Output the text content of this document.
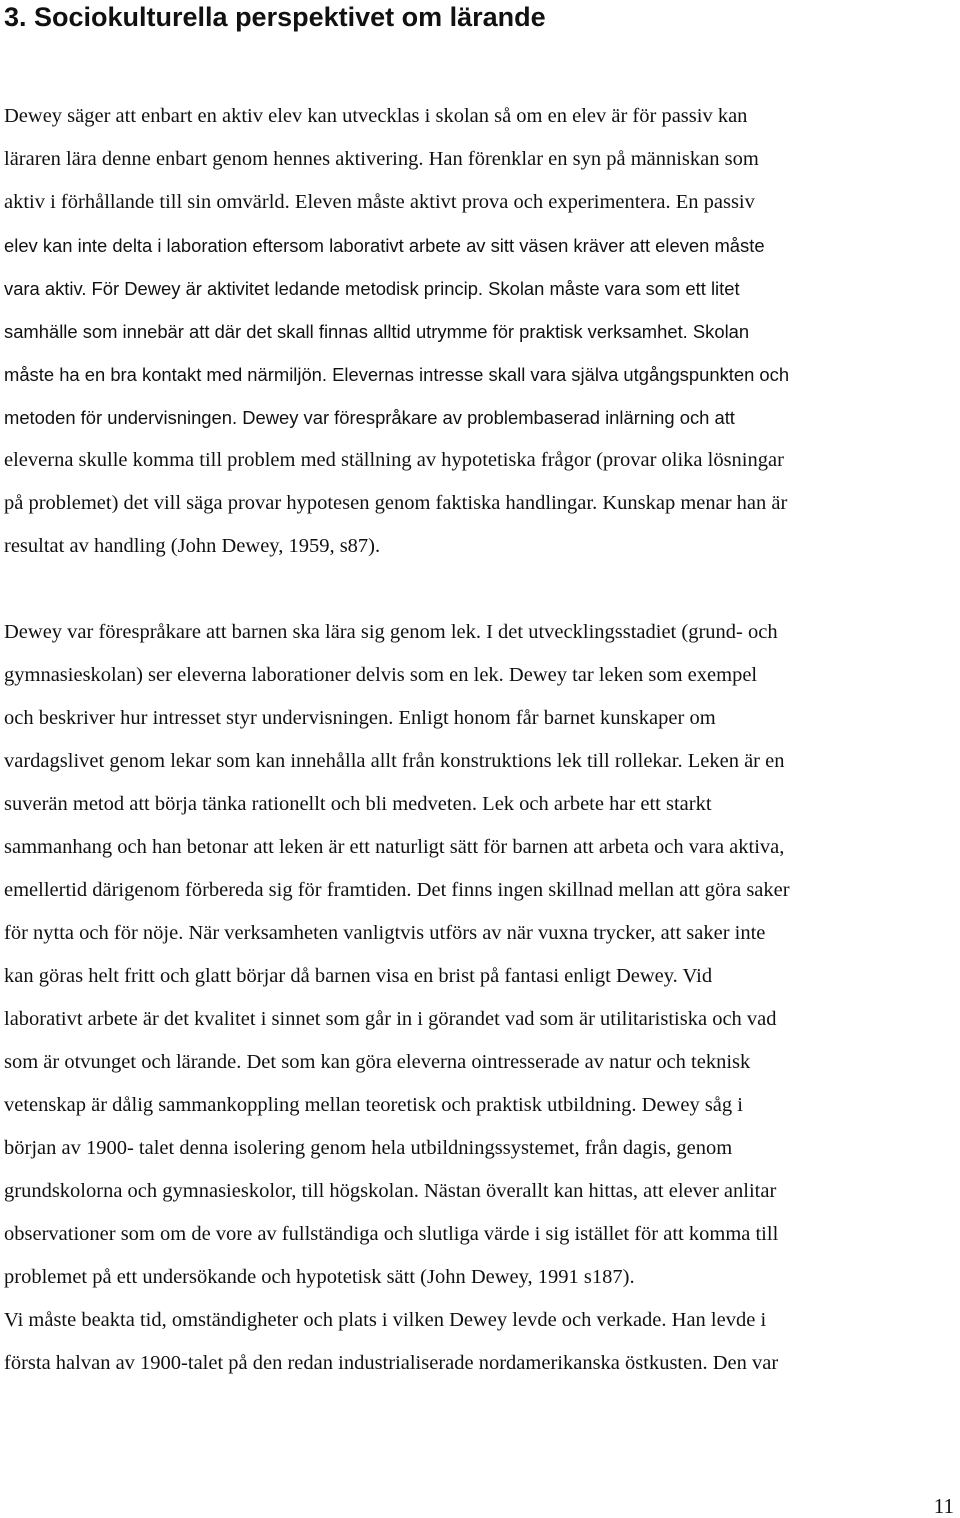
3. Sociokulturella perspektivet om lärande
Dewey säger att enbart en aktiv elev kan utvecklas i skolan så om en elev är för passiv kan
läraren lära denne enbart genom hennes aktivering. Han förenklar en syn på människan som
aktiv i förhållande till sin omvärld. Eleven måste aktivt prova och experimentera. En passiv
elev kan inte delta i laboration eftersom laborativt arbete av sitt väsen kräver att eleven måste
vara aktiv. För Dewey är aktivitet ledande metodisk princip. Skolan måste vara som ett litet
samhälle som innebär att där det skall finnas alltid utrymme för praktisk verksamhet. Skolan
måste ha en bra kontakt med närmiljön. Elevernas intresse skall vara själva utgångspunkten och
metoden för undervisningen. Dewey var förespråkare av problembaserad inlärning och att
eleverna skulle komma till problem med ställning av hypotetiska frågor (provar olika lösningar
på problemet) det vill säga provar hypotesen genom faktiska handlingar. Kunskap menar han är
resultat av handling (John Dewey, 1959, s87).
Dewey var förespråkare att barnen ska lära sig genom lek. I det utvecklingsstadiet (grund- och
gymnasieskolan) ser eleverna laborationer delvis som en lek. Dewey tar leken som exempel
och beskriver hur intresset styr undervisningen. Enligt honom får barnet kunskaper om
vardagslivet genom lekar som kan innehålla allt från konstruktions lek till rollekar. Leken är en
suverän metod att börja tänka rationellt och bli medveten. Lek och arbete har ett starkt
sammanhang och han betonar att leken är ett naturligt sätt för barnen att arbeta och vara aktiva,
emellertid därigenom förbereda sig för framtiden. Det finns ingen skillnad mellan att göra saker
för nytta och för nöje. När verksamheten vanligtvis utförs av när vuxna trycker, att saker inte
kan göras helt fritt och glatt börjar då barnen visa en brist på fantasi enligt Dewey. Vid
laborativt arbete är det kvalitet i sinnet som går in i görandet vad som är utilitaristiska och vad
som är otvunget och lärande. Det som kan göra eleverna ointresserade av natur och teknisk
vetenskap är dålig sammankoppling mellan teoretisk och praktisk utbildning. Dewey såg i
början av 1900- talet denna isolering genom hela utbildningssystemet, från dagis, genom
grundskolorna och gymnasieskolor, till högskolan. Nästan överallt kan hittas, att elever anlitar
observationer som om de vore av fullständiga och slutliga värde i sig istället för att komma till
problemet på ett undersökande och hypotetisk sätt (John Dewey, 1991 s187).
Vi måste beakta tid, omständigheter och plats i vilken Dewey levde och verkade. Han levde i
första halvan av 1900-talet på den redan industrialiserade nordamerikanska östkusten. Den var
11
